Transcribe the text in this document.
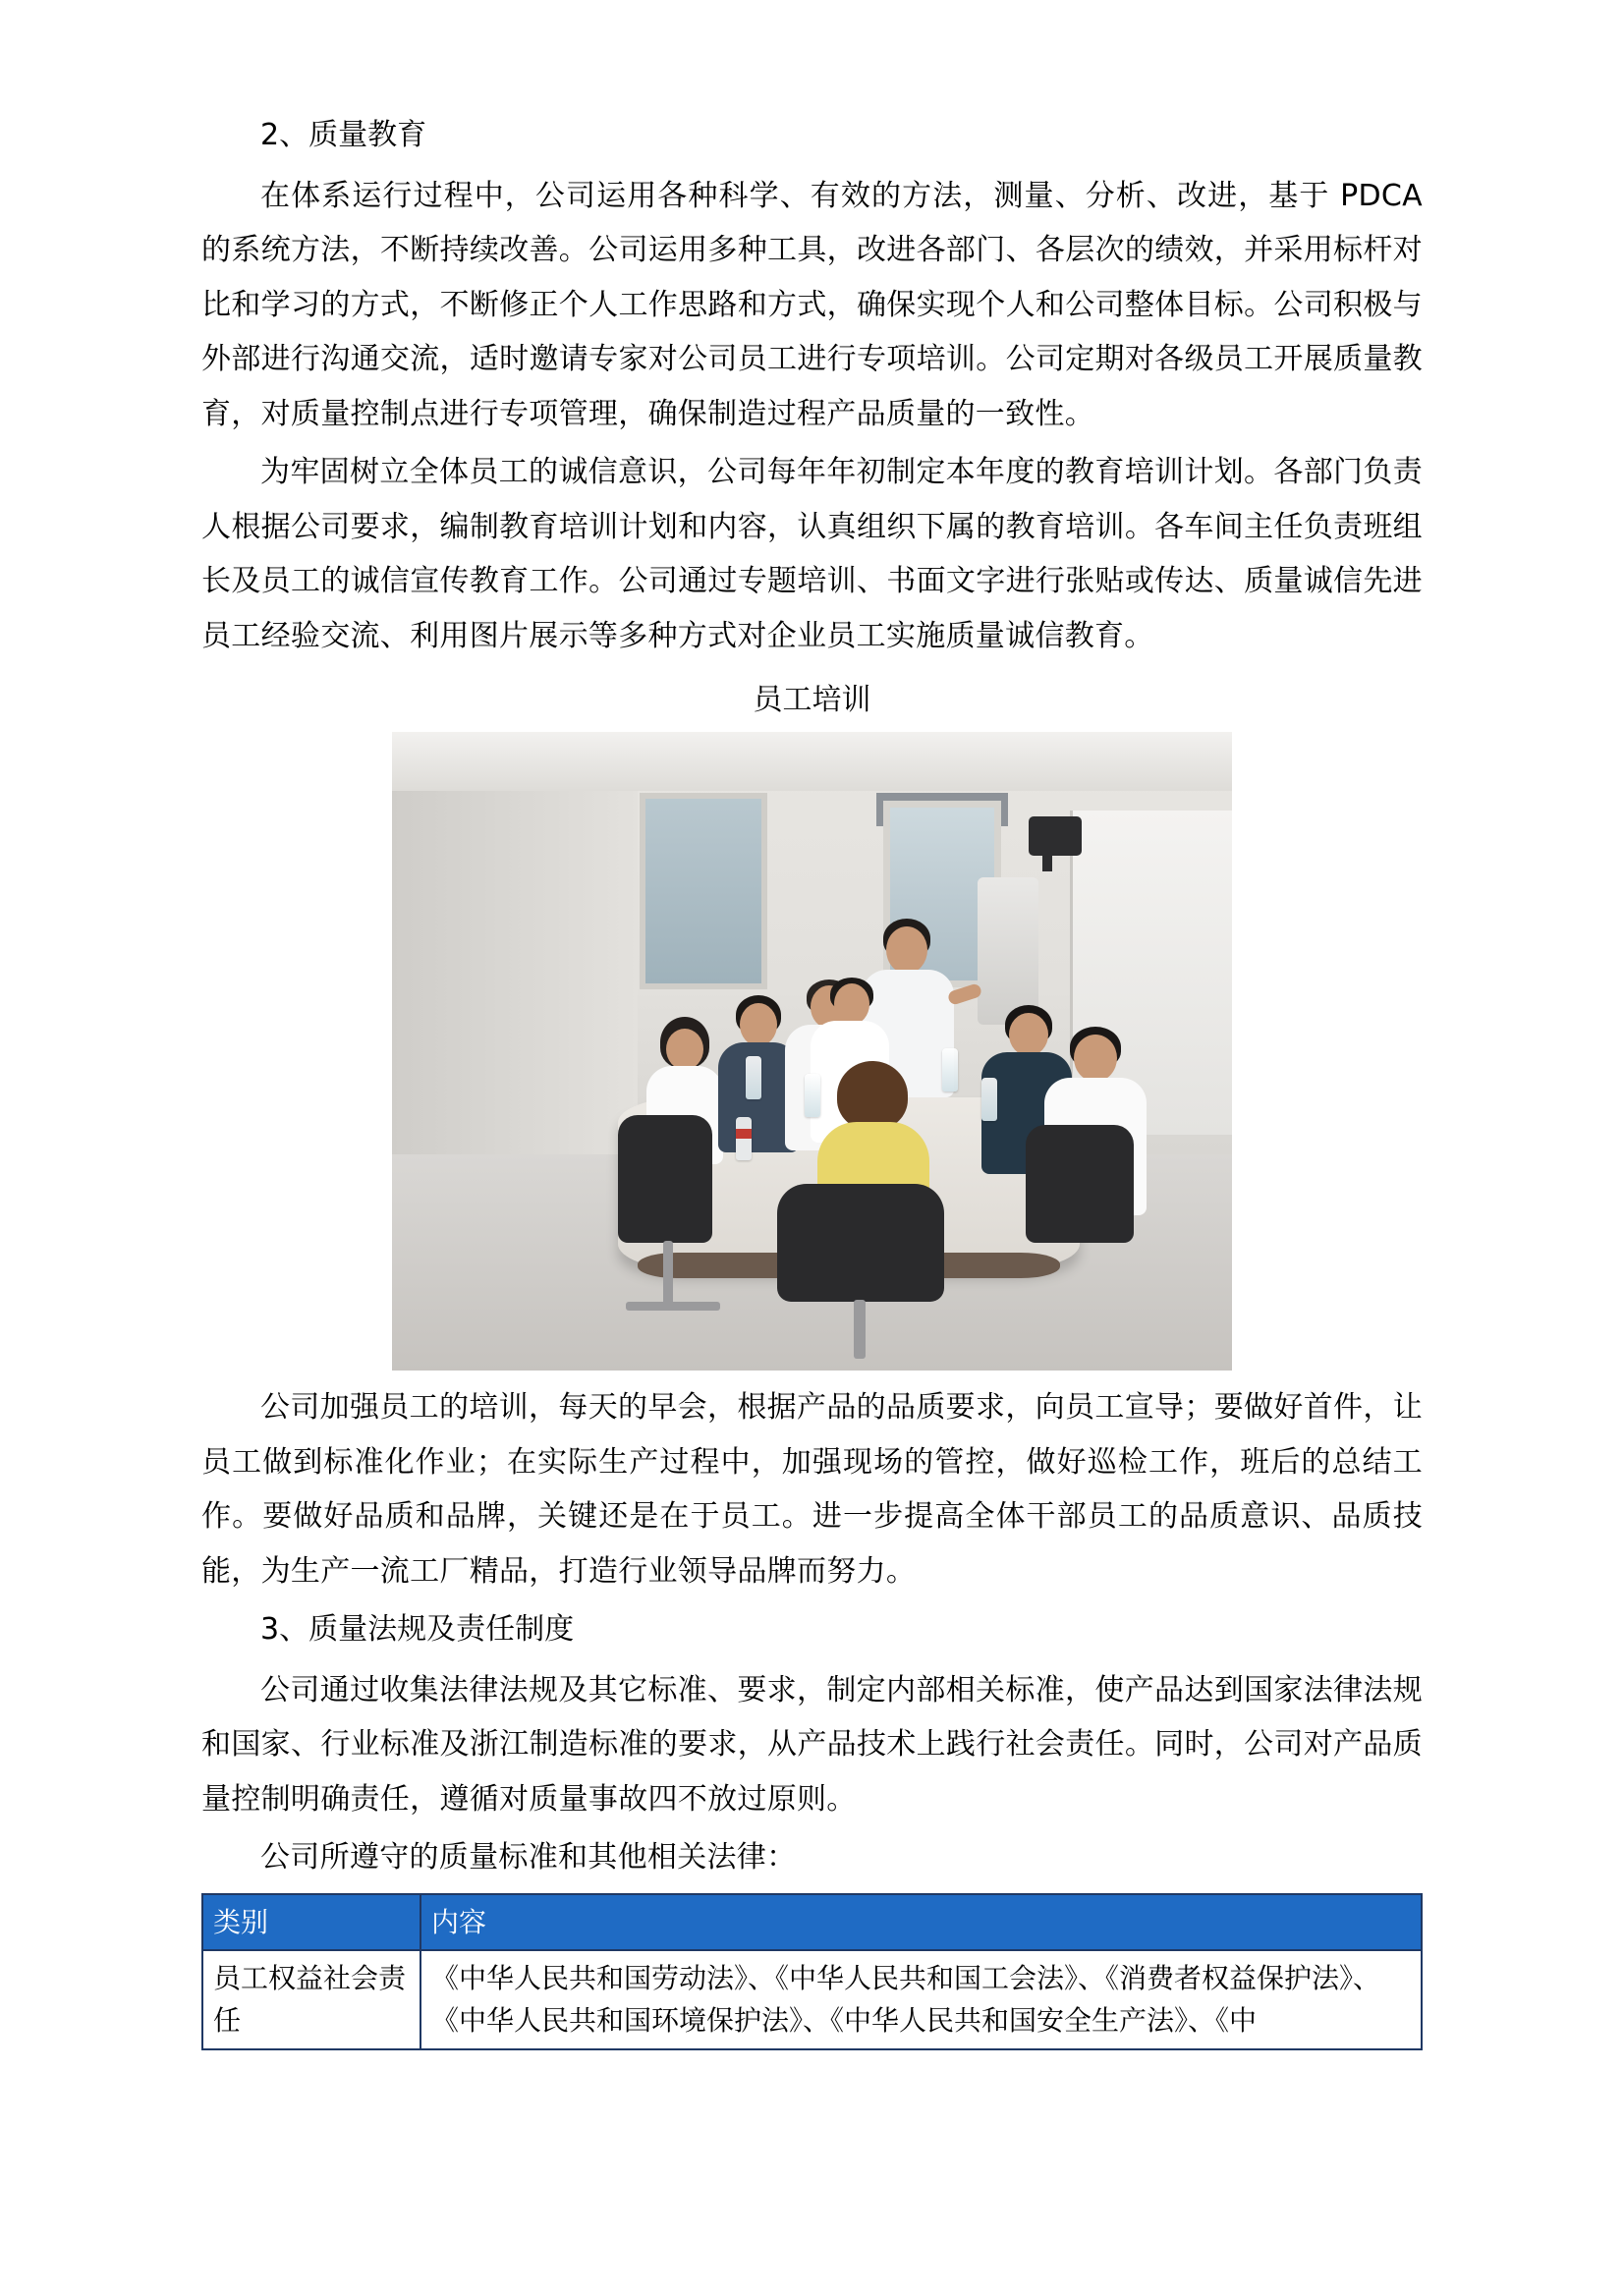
2、质量教育

在体系运行过程中，公司运用各种科学、有效的方法，测量、分析、改进，基于 PDCA 的系统方法，不断持续改善。公司运用多种工具，改进各部门、各层次的绩效，并采用标杆对比和学习的方式，不断修正个人工作思路和方式，确保实现个人和公司整体目标。公司积极与外部进行沟通交流，适时邀请专家对公司员工进行专项培训。公司定期对各级员工开展质量教育，对质量控制点进行专项管理，确保制造过程产品质量的一致性。

为牢固树立全体员工的诚信意识，公司每年年初制定本年度的教育培训计划。各部门负责人根据公司要求，编制教育培训计划和内容，认真组织下属的教育培训。各车间主任负责班组长及员工的诚信宣传教育工作。公司通过专题培训、书面文字进行张贴或传达、质量诚信先进员工经验交流、利用图片展示等多种方式对企业员工实施质量诚信教育。

员工培训

公司加强员工的培训，每天的早会，根据产品的品质要求，向员工宣导；要做好首件，让员工做到标准化作业；在实际生产过程中，加强现场的管控，做好巡检工作，班后的总结工作。要做好品质和品牌，关键还是在于员工。进一步提高全体干部员工的品质意识、品质技能，为生产一流工厂精品，打造行业领导品牌而努力。

3、质量法规及责任制度

公司通过收集法律法规及其它标准、要求，制定内部相关标准，使产品达到国家法律法规和国家、行业标准及浙江制造标准的要求，从产品技术上践行社会责任。同时，公司对产品质量控制明确责任，遵循对质量事故四不放过原则。

公司所遵守的质量标准和其他相关法律：

类别	内容
员工权益社会责任	《中华人民共和国劳动法》、《中华人民共和国工会法》、《消费者权益保护法》、《中华人民共和国环境保护法》、《中华人民共和国安全生产法》、《中
